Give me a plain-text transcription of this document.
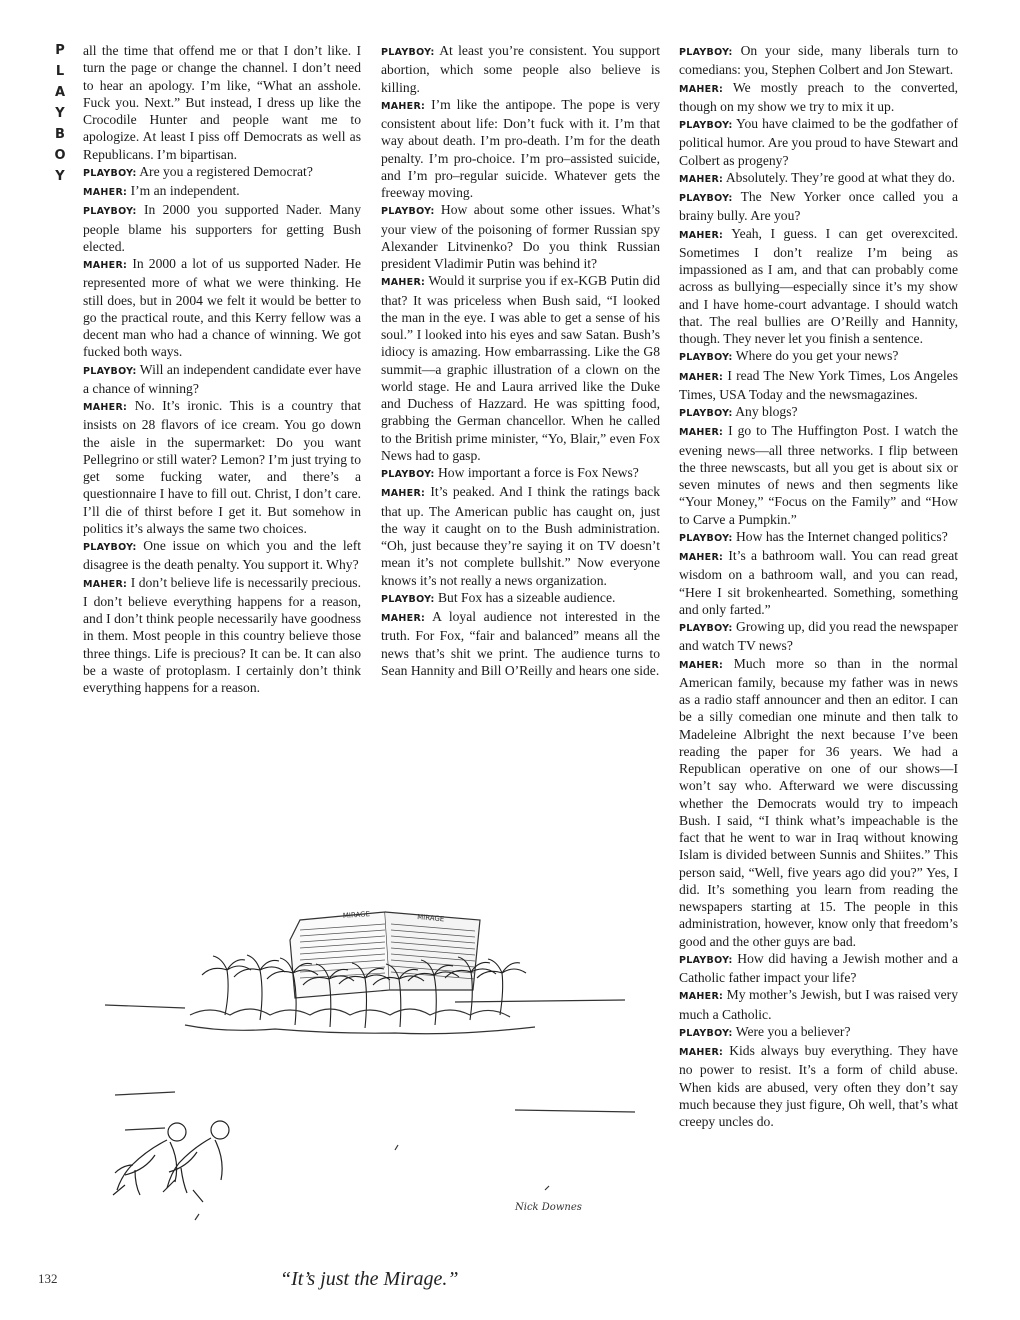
P
L
A
Y
B
O
Y

all the time that offend me or that I don’t like. I turn the page or change the channel. I don’t need to hear an apology. I’m like, “What an asshole. Fuck you. Next.” But instead, I dress up like the Crocodile Hunter and people want me to apologize. At least I piss off Democrats as well as Republicans. I’m bipartisan.

PLAYBOY: Are you a registered Democrat?

MAHER: I’m an independent.

PLAYBOY: In 2000 you supported Nader. Many people blame his supporters for getting Bush elected.

MAHER: In 2000 a lot of us supported Nader. He represented more of what we were thinking. He still does, but in 2004 we felt it would be better to go the practical route, and this Kerry fellow was a decent man who had a chance of winning. We got fucked both ways.

PLAYBOY: Will an independent candidate ever have a chance of winning?

MAHER: No. It’s ironic. This is a country that insists on 28 flavors of ice cream. You go down the aisle in the supermarket: Do you want Pellegrino or still water? Lemon? I’m just trying to get some fucking water, and there’s a questionnaire I have to fill out. Christ, I don’t care. I’ll die of thirst before I get it. But somehow in politics it’s always the same two choices.

PLAYBOY: One issue on which you and the left disagree is the death penalty. You support it. Why?

MAHER: I don’t believe life is necessarily precious. I don’t believe everything happens for a reason, and I don’t think people necessarily have goodness in them. Most people in this country believe those three things. Life is precious? It can be. It can also be a waste of protoplasm. I certainly don’t think everything happens for a reason.

PLAYBOY: At least you’re consistent. You support abortion, which some people also believe is killing.

MAHER: I’m like the antipope. The pope is very consistent about life: Don’t fuck with it. I’m that way about death. I’m pro-death. I’m for the death penalty. I’m pro-choice. I’m pro–assisted suicide, and I’m pro–regular suicide. Whatever gets the freeway moving.

PLAYBOY: How about some other issues. What’s your view of the poisoning of former Russian spy Alexander Litvinenko? Do you think Russian president Vladimir Putin was behind it?

MAHER: Would it surprise you if ex-KGB Putin did that? It was priceless when Bush said, “I looked the man in the eye. I was able to get a sense of his soul.” I looked into his eyes and saw Satan. Bush’s idiocy is amazing. How embarrassing. Like the G8 summit—a graphic illustration of a clown on the world stage. He and Laura arrived like the Duke and Duchess of Hazzard. He was spitting food, grabbing the German chancellor. When he called to the British prime minister, “Yo, Blair,” even Fox News had to gasp.

PLAYBOY: How important a force is Fox News?

MAHER: It’s peaked. And I think the ratings back that up. The American public has caught on, just the way it caught on to the Bush administration. “Oh, just because they’re saying it on TV doesn’t mean it’s not complete bullshit.” Now everyone knows it’s not really a news organization.

PLAYBOY: But Fox has a sizeable audience.

MAHER: A loyal audience not interested in the truth. For Fox, “fair and balanced” means all the news that’s shit we print. The audience turns to Sean Hannity and Bill O’Reilly and hears one side.

PLAYBOY: On your side, many liberals turn to comedians: you, Stephen Colbert and Jon Stewart.

MAHER: We mostly preach to the converted, though on my show we try to mix it up.

PLAYBOY: You have claimed to be the godfather of political humor. Are you proud to have Stewart and Colbert as progeny?

MAHER: Absolutely. They’re good at what they do.

PLAYBOY: The New Yorker once called you a brainy bully. Are you?

MAHER: Yeah, I guess. I can get overexcited. Sometimes I don’t realize I’m being as impassioned as I am, and that can probably come across as bullying—especially since it’s my show and I have home-court advantage. I should watch that. The real bullies are O’Reilly and Hannity, though. They never let you finish a sentence.

PLAYBOY: Where do you get your news?

MAHER: I read The New York Times, Los Angeles Times, USA Today and the newsmagazines.

PLAYBOY: Any blogs?

MAHER: I go to The Huffington Post. I watch the evening news—all three networks. I flip between the three newscasts, but all you get is about six or seven minutes of news and then segments like “Your Money,” “Focus on the Family” and “How to Carve a Pumpkin.”

PLAYBOY: How has the Internet changed politics?

MAHER: It’s a bathroom wall. You can read great wisdom on a bathroom wall, and you can read, “Here I sit brokenhearted. Something, something and only farted.”

PLAYBOY: Growing up, did you read the newspaper and watch TV news?

MAHER: Much more so than in the normal American family, because my father was in news as a radio staff announcer and then an editor. I can be a silly comedian one minute and then talk to Madeleine Albright the next because I’ve been reading the paper for 36 years. We had a Republican operative on one of our shows—I won’t say who. Afterward we were discussing whether the Democrats would try to impeach Bush. I said, “I think what’s impeachable is the fact that he went to war in Iraq without knowing Islam is divided between Sunnis and Shiites.” This person said, “Well, five years ago did you?” Yes, I did. It’s something you learn from reading the newspapers starting at 15. The people in this administration, however, know only that freedom’s good and the other guys are bad.

PLAYBOY: How did having a Jewish mother and a Catholic father impact your life?

MAHER: My mother’s Jewish, but I was raised very much a Catholic.

PLAYBOY: Were you a believer?

MAHER: Kids always buy everything. They have no power to resist. It’s a form of child abuse. When kids are abused, very often they don’t say much because they just figure, Oh well, that’s what creepy uncles do.

MIRAGE	MIRAGE
Nick Downes
“It’s just the Mirage.”
132
